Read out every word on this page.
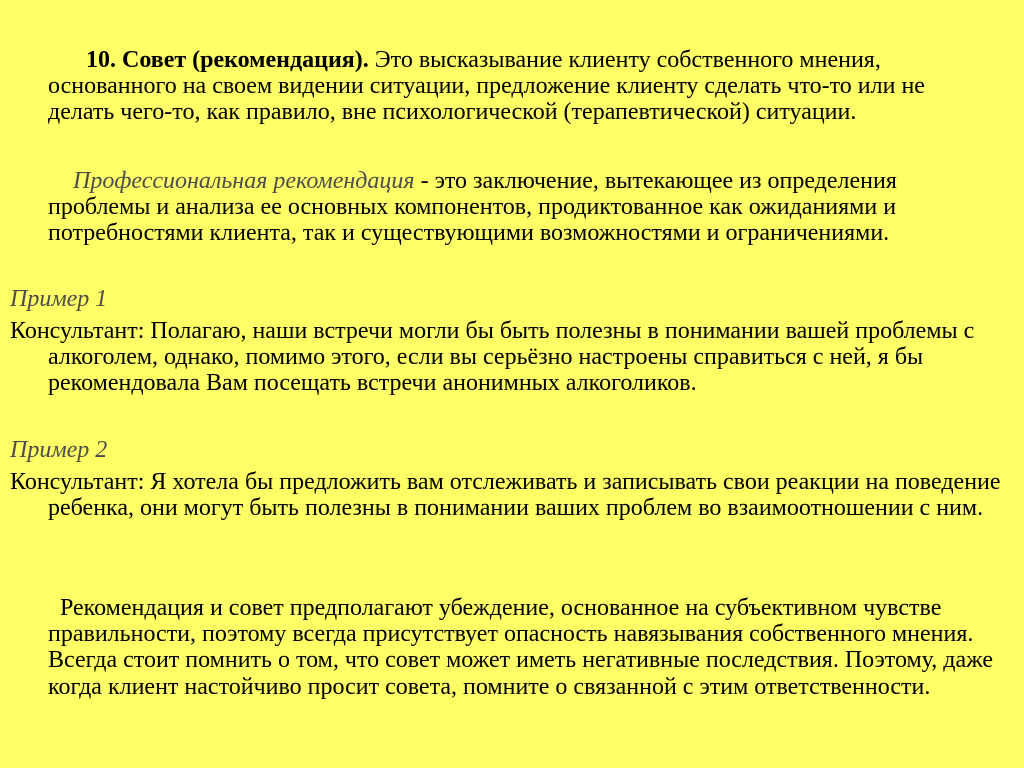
10. Совет (рекомендация). Это высказывание клиенту собственного мнения, основанного на своем видении ситуации, предложение клиенту сделать что-то или не делать чего-то, как правило, вне психологической (терапевтической) ситуации.

Профессиональная рекомендация - это заключение, вытекающее из определения проблемы и анализа ее основных компонентов, продиктованное как ожиданиями и потребностями клиента, так и существующими возможностями и ограничениями.

Пример 1
Консультант: Полагаю, наши встречи могли бы быть полезны в понимании вашей проблемы с алкоголем, однако, помимо этого, если вы серьёзно настроены справиться с ней, я бы рекомендовала Вам посещать встречи анонимных алкоголиков.
Пример 2
Консультант: Я хотела бы предложить вам отслеживать и записывать свои реакции на поведение ребенка, они могут быть полезны в понимании ваших проблем во взаимоотношении с ним.

Рекомендация и совет предполагают убеждение, основанное на субъективном чувстве правильности, поэтому всегда присутствует опасность навязывания собственного мнения. Всегда стоит помнить о том, что совет может иметь негативные последствия. Поэтому, даже когда клиент настойчиво просит совета, помните о связанной с этим ответственности.
